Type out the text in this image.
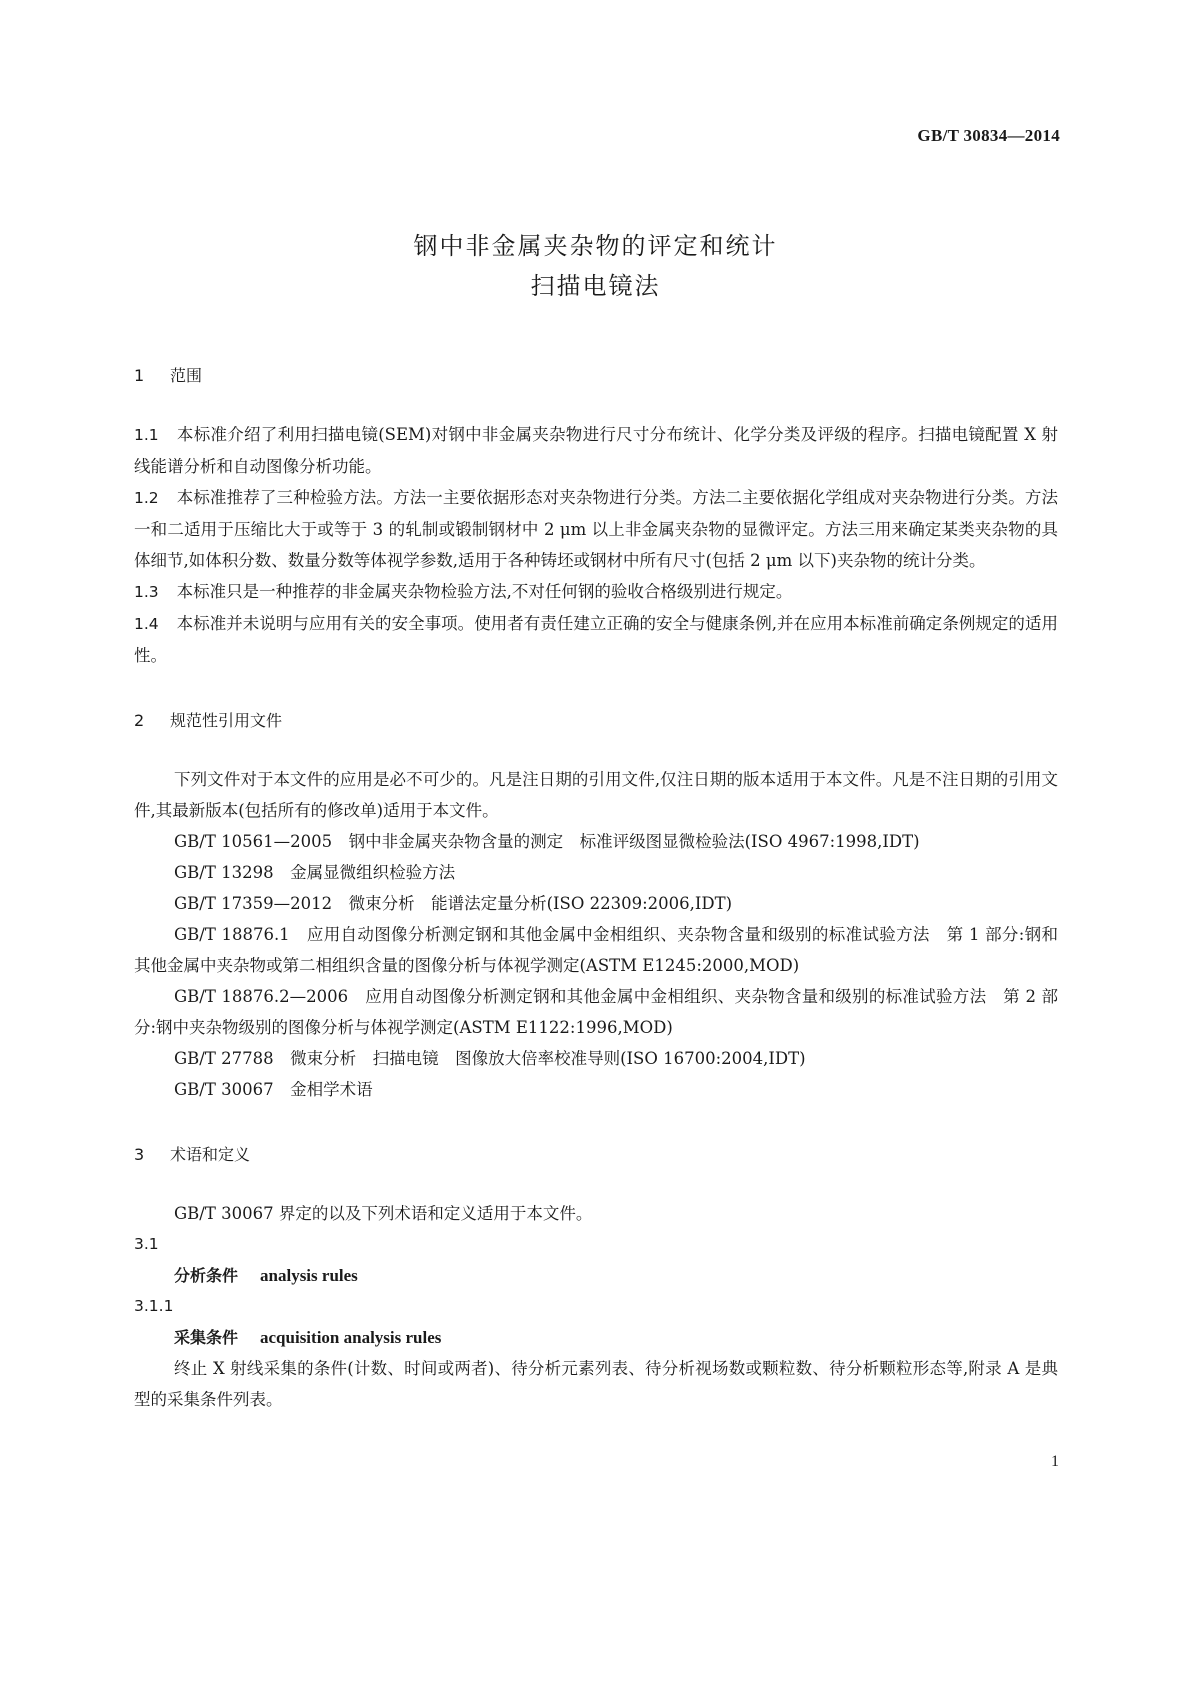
GB/T 30834—2014
钢中非金属夹杂物的评定和统计
扫描电镜法
1 范围

1.1 本标准介绍了利用扫描电镜(SEM)对钢中非金属夹杂物进行尺寸分布统计、化学分类及评级的程序。扫描电镜配置 X 射线能谱分析和自动图像分析功能。

1.2 本标准推荐了三种检验方法。方法一主要依据形态对夹杂物进行分类。方法二主要依据化学组成对夹杂物进行分类。方法一和二适用于压缩比大于或等于 3 的轧制或锻制钢材中 2 μm 以上非金属夹杂物的显微评定。方法三用来确定某类夹杂物的具体细节,如体积分数、数量分数等体视学参数,适用于各种铸坯或钢材中所有尺寸(包括 2 μm 以下)夹杂物的统计分类。

1.3 本标准只是一种推荐的非金属夹杂物检验方法,不对任何钢的验收合格级别进行规定。

1.4 本标准并未说明与应用有关的安全事项。使用者有责任建立正确的安全与健康条例,并在应用本标准前确定条例规定的适用性。

2 规范性引用文件

下列文件对于本文件的应用是必不可少的。凡是注日期的引用文件,仅注日期的版本适用于本文件。凡是不注日期的引用文件,其最新版本(包括所有的修改单)适用于本文件。

GB/T 10561—2005　钢中非金属夹杂物含量的测定　标准评级图显微检验法(ISO 4967:1998,IDT)

GB/T 13298　金属显微组织检验方法

GB/T 17359—2012　微束分析　能谱法定量分析(ISO 22309:2006,IDT)

GB/T 18876.1　应用自动图像分析测定钢和其他金属中金相组织、夹杂物含量和级别的标准试验方法　第 1 部分:钢和其他金属中夹杂物或第二相组织含量的图像分析与体视学测定(ASTM E1245:2000,MOD)

GB/T 18876.2—2006　应用自动图像分析测定钢和其他金属中金相组织、夹杂物含量和级别的标准试验方法　第 2 部分:钢中夹杂物级别的图像分析与体视学测定(ASTM E1122:1996,MOD)

GB/T 27788　微束分析　扫描电镜　图像放大倍率校准导则(ISO 16700:2004,IDT)

GB/T 30067　金相学术语

3 术语和定义

GB/T 30067 界定的以及下列术语和定义适用于本文件。

3.1

分析条件 analysis rules

3.1.1

采集条件 acquisition analysis rules

终止 X 射线采集的条件(计数、时间或两者)、待分析元素列表、待分析视场数或颗粒数、待分析颗粒形态等,附录 A 是典型的采集条件列表。

1
